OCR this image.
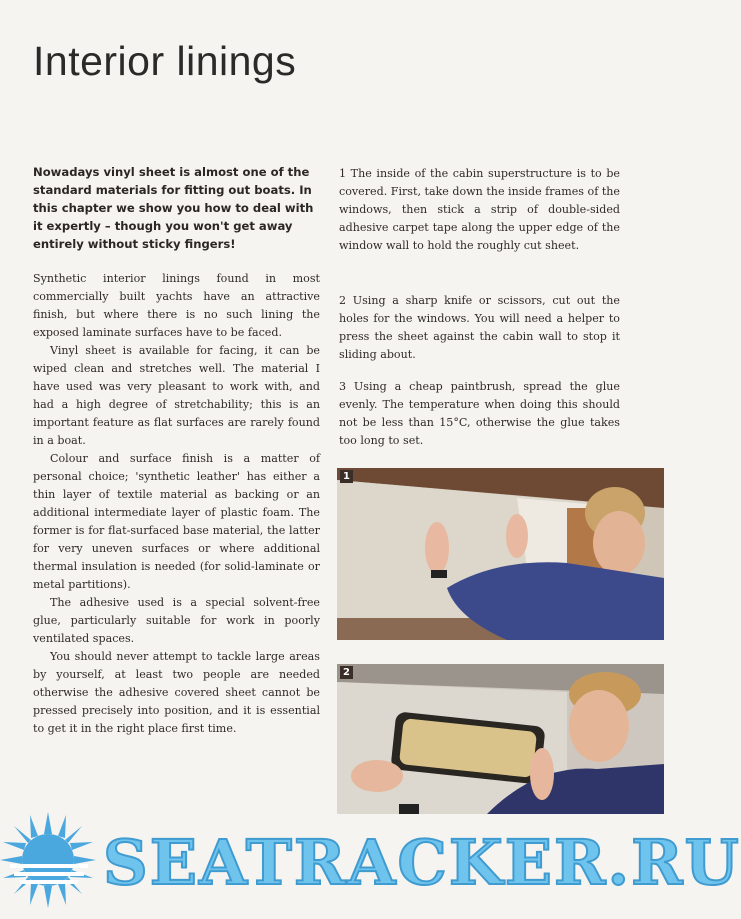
Interior linings

Nowadays vinyl sheet is almost one of the standard materials for fitting out boats. In this chapter we show you how to deal with it expertly – though you won't get away entirely without sticky fingers!

Synthetic interior linings found in most commercially built yachts have an attractive finish, but where there is no such lining the exposed laminate surfaces have to be faced.

Vinyl sheet is available for facing, it can be wiped clean and stretches well. The material I have used was very pleasant to work with, and had a high degree of stretchability; this is an important feature as flat surfaces are rarely found in a boat.

Colour and surface finish is a matter of personal choice; 'synthetic leather' has either a thin layer of textile material as backing or an additional intermediate layer of plastic foam. The former is for flat-surfaced base material, the latter for very uneven surfaces or where additional thermal insulation is needed (for solid-laminate or metal partitions).

The adhesive used is a special solvent-free glue, particularly suitable for work in poorly ventilated spaces.

You should never attempt to tackle large areas by yourself, at least two people are needed otherwise the adhesive covered sheet cannot be pressed precisely into position, and it is essential to get it in the right place first time.

1 The inside of the cabin superstructure is to be covered. First, take down the inside frames of the windows, then stick a strip of double-sided adhesive carpet tape along the upper edge of the window wall to hold the roughly cut sheet.

2 Using a sharp knife or scissors, cut out the holes for the windows. You will need a helper to press the sheet against the cabin wall to stop it sliding about.

3 Using a cheap paintbrush, spread the glue evenly. The temperature when doing this should not be less than 15°C, otherwise the glue takes too long to set.

1
2
SEATRACKER.RU
